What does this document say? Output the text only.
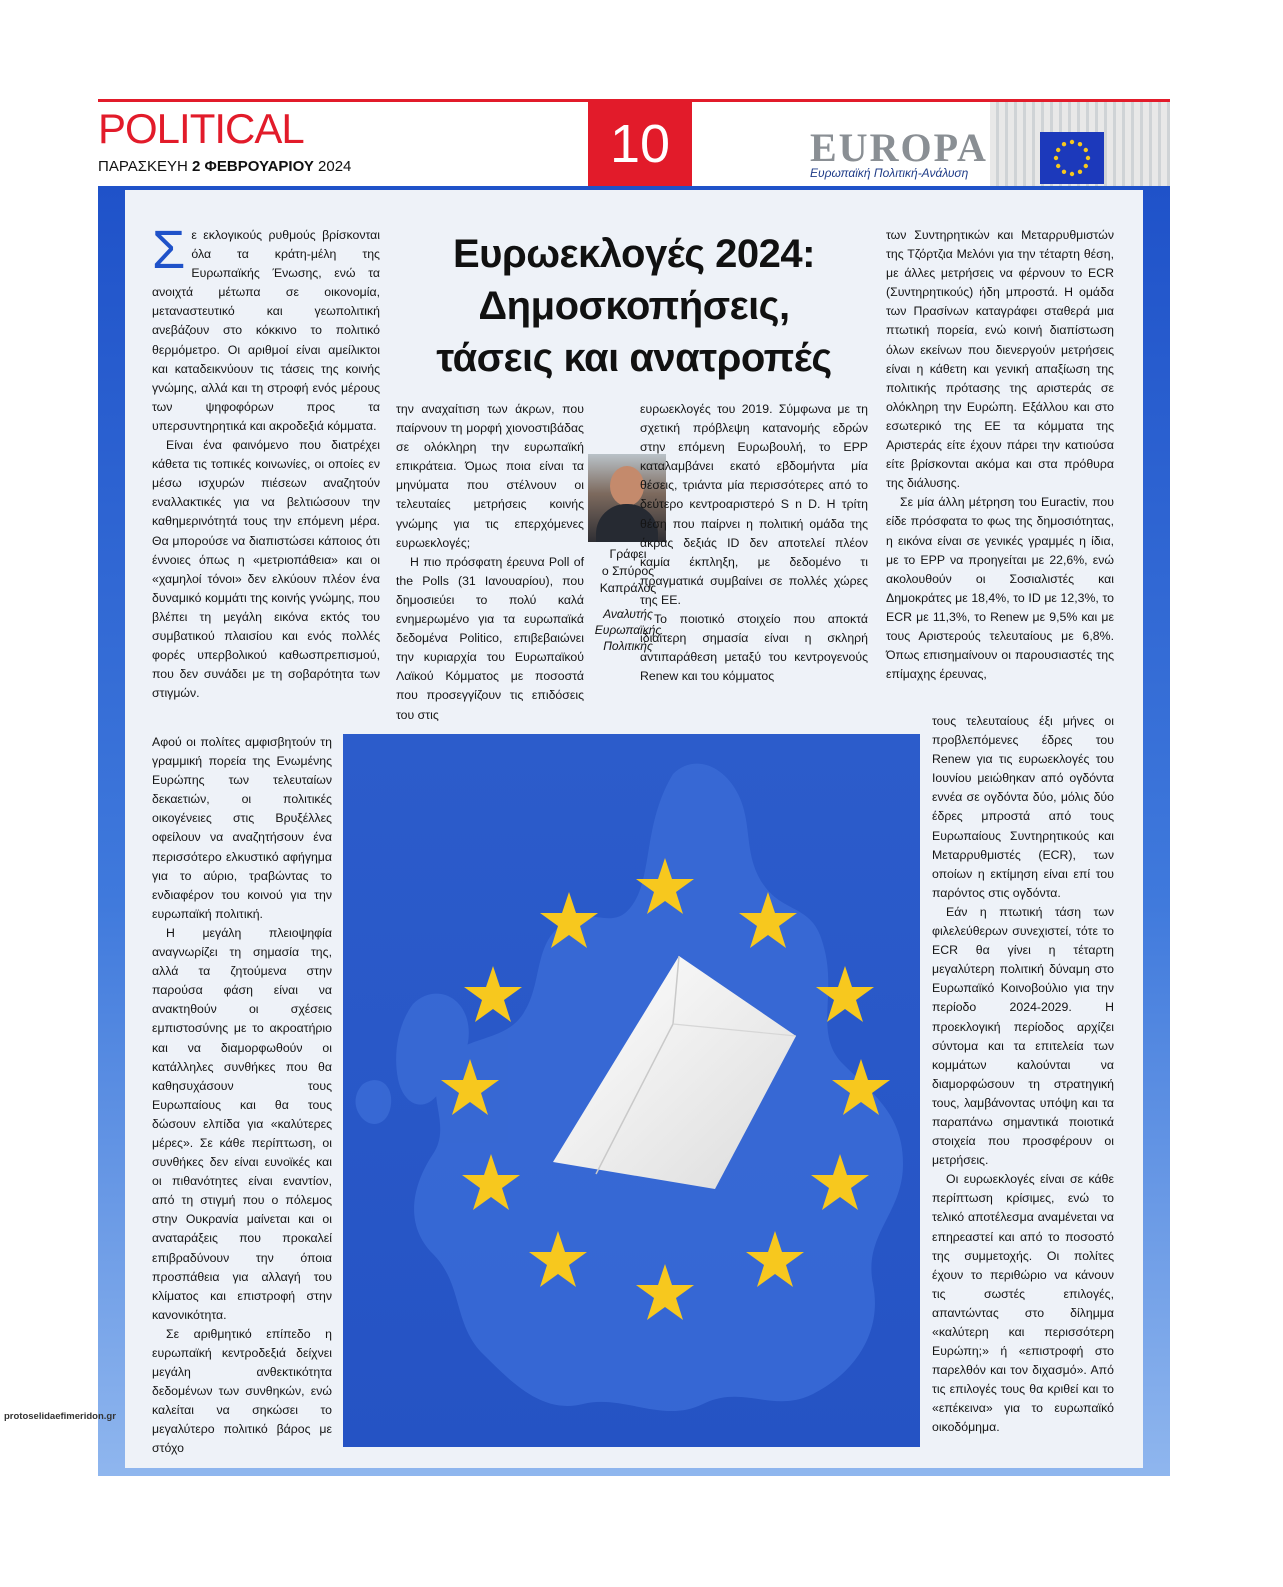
POLITICAL
ΠΑΡΑΣΚΕΥΗ 2 ΦΕΒΡΟΥΑΡΙΟΥ 2024	10	EUROPA
Ευρωπαϊκή Πολιτική-Ανάλυση
Ευρωεκλογές 2024:
Δημοσκοπήσεις,
τάσεις και ανατροπές

Σε εκλογικούς ρυθμούς βρίσκονται όλα τα κράτη-μέλη της Ευρωπαϊκής Ένωσης, ενώ τα ανοιχτά μέτωπα σε οικονομία, μεταναστευτικό και γεωπολιτική ανεβάζουν στο κόκκινο το πολιτικό θερμόμετρο. Οι αριθμοί είναι αμείλικτοι και καταδεικνύουν τις τάσεις της κοινής γνώμης, αλλά και τη στροφή ενός μέρους των ψηφοφόρων προς τα υπερσυντηρητικά και ακροδεξιά κόμματα.

Είναι ένα φαινόμενο που διατρέχει κάθετα τις τοπικές κοινωνίες, οι οποίες εν μέσω ισχυρών πιέσεων αναζητούν εναλλακτικές για να βελτιώσουν την καθημερινότητά τους την επόμενη μέρα. Θα μπορούσε να διαπιστώσει κάποιος ότι έννοιες όπως η «μετριοπάθεια» και οι «χαμηλοί τόνοι» δεν ελκύουν πλέον ένα δυναμικό κομμάτι της κοινής γνώμης, που βλέπει τη μεγάλη εικόνα εκτός του συμβατικού πλαισίου και ενός πολλές φορές υπερβολικού καθωσπρεπισμού, που δεν συνάδει με τη σοβαρότητα των στιγμών.

Αφού οι πολίτες αμφισβητούν τη γραμμική πορεία της Ενωμένης Ευρώπης των τελευταίων δεκαετιών, οι πολιτικές οικογένειες στις Βρυξέλλες οφείλουν να αναζητήσουν ένα περισσότερο ελκυστικό αφήγημα για το αύριο, τραβώντας το ενδιαφέρον του κοινού για την ευρωπαϊκή πολιτική.

Η μεγάλη πλειοψηφία αναγνωρίζει τη σημασία της, αλλά τα ζητούμενα στην παρούσα φάση είναι να ανακτηθούν οι σχέσεις εμπιστοσύνης με το ακροατήριο και να διαμορφωθούν οι κατάλληλες συνθήκες που θα καθησυχάσουν τους Ευρωπαίους και θα τους δώσουν ελπίδα για «καλύτερες μέρες». Σε κάθε περίπτωση, οι συνθήκες δεν είναι ευνοϊκές και οι πιθανότητες είναι εναντίον, από τη στιγμή που ο πόλεμος στην Ουκρανία μαίνεται και οι αναταράξεις που προκαλεί επιβραδύνουν την όποια προσπάθεια για αλλαγή του κλίματος και επιστροφή στην κανονικότητα.

Σε αριθμητικό επίπεδο η ευρωπαϊκή κεντροδεξιά δείχνει μεγάλη ανθεκτικότητα δεδομένων των συνθηκών, ενώ καλείται να σηκώσει το μεγαλύτερο πολιτικό βάρος με στόχο

την αναχαίτιση των άκρων, που παίρνουν τη μορφή χιονοστιβάδας σε ολόκληρη την ευρωπαϊκή επικράτεια. Όμως ποια είναι τα μηνύματα που στέλνουν οι τελευταίες μετρήσεις κοινής γνώμης για τις επερχόμενες ευρωεκλογές;

Η πιο πρόσφατη έρευνα Poll of the Polls (31 Ιανουαρίου), που δημοσιεύει το πολύ καλά ενημερωμένο για τα ευρωπαϊκά δεδομένα Politico, επιβεβαιώνει την κυριαρχία του Ευρωπαϊκού Λαϊκού Κόμματος με ποσοστά που προσεγγίζουν τις επιδόσεις του στις

Γράφει
ο Σπύρος
Καπράλος
Αναλυτής Ευρωπαϊκής Πολιτικής

ευρωεκλογές του 2019. Σύμφωνα με τη σχετική πρόβλεψη κατανομής εδρών στην επόμενη Ευρωβουλή, το EPP καταλαμβάνει εκατό εβδομήντα μία θέσεις, τριάντα μία περισσότερες από το δεύτερο κεντροαριστερό S n D. Η τρίτη θέση που παίρνει η πολιτική ομάδα της άκρας δεξιάς ID δεν αποτελεί πλέον καμία έκπληξη, με δεδομένο τι πραγματικά συμβαίνει σε πολλές χώρες της ΕΕ.

Το ποιοτικό στοιχείο που αποκτά ιδιαίτερη σημασία είναι η σκληρή αντιπαράθεση μεταξύ του κεντρογενούς Renew και του κόμματος

των Συντηρητικών και Μεταρρυθμιστών της Τζόρτζια Μελόνι για την τέταρτη θέση, με άλλες μετρήσεις να φέρνουν το ECR (Συντηρητικούς) ήδη μπροστά. Η ομάδα των Πρασίνων καταγράφει σταθερά μια πτωτική πορεία, ενώ κοινή διαπίστωση όλων εκείνων που διενεργούν μετρήσεις είναι η κάθετη και γενική απαξίωση της πολιτικής πρότασης της αριστεράς σε ολόκληρη την Ευρώπη. Εξάλλου και στο εσωτερικό της ΕΕ τα κόμματα της Αριστεράς είτε έχουν πάρει την κατιούσα είτε βρίσκονται ακόμα και στα πρόθυρα της διάλυσης.

Σε μία άλλη μέτρηση του Euractiv, που είδε πρόσφατα το φως της δημοσιότητας, η εικόνα είναι σε γενικές γραμμές η ίδια, με το EPP να προηγείται με 22,6%, ενώ ακολουθούν οι Σοσιαλιστές και Δημοκράτες με 18,4%, το ID με 12,3%, το ECR με 11,3%, το Renew με 9,5% και με τους Αριστερούς τελευταίους με 6,8%. Όπως επισημαίνουν οι παρουσιαστές της επίμαχης έρευνας,

τους τελευταίους έξι μήνες οι προβλεπόμενες έδρες του Renew για τις ευρωεκλογές του Ιουνίου μειώθηκαν από ογδόντα εννέα σε ογδόντα δύο, μόλις δύο έδρες μπροστά από τους Ευρωπαίους Συντηρητικούς και Μεταρρυθμιστές (ECR), των οποίων η εκτίμηση είναι επί του παρόντος στις ογδόντα.

Εάν η πτωτική τάση των φιλελεύθερων συνεχιστεί, τότε το ECR θα γίνει η τέταρτη μεγαλύτερη πολιτική δύναμη στο Ευρωπαϊκό Κοινοβούλιο για την περίοδο 2024-2029. Η προεκλογική περίοδος αρχίζει σύντομα και τα επιτελεία των κομμάτων καλούνται να διαμορφώσουν τη στρατηγική τους, λαμβάνοντας υπόψη και τα παραπάνω σημαντικά ποιοτικά στοιχεία που προσφέρουν οι μετρήσεις.

Οι ευρωεκλογές είναι σε κάθε περίπτωση κρίσιμες, ενώ το τελικό αποτέλεσμα αναμένεται να επηρεαστεί και από το ποσοστό της συμμετοχής. Οι πολίτες έχουν το περιθώριο να κάνουν τις σωστές επιλογές, απαντώντας στο δίλημμα «καλύτερη και περισσότερη Ευρώπη;» ή «επιστροφή στο παρελθόν και τον διχασμό». Από τις επιλογές τους θα κριθεί και το «επέκεινα» για το ευρωπαϊκό οικοδόμημα.

protoselidaefimeridon.gr
